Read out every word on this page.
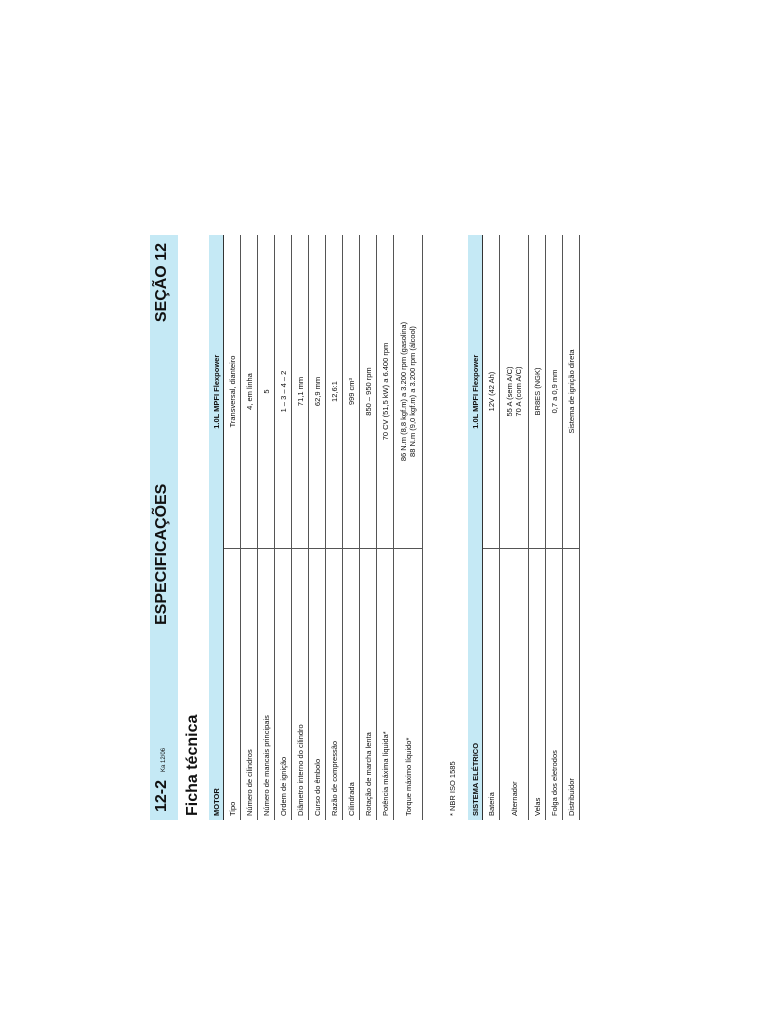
12-2
Ka 12/06
ESPECIFICAÇÕES
SEÇÃO 12
Ficha técnica MOTOR	1.0L MPFI Flexpower
Tipo	Transversal, dianteiro
Número de cilindros	4, em linha
Número de mancais principais	5
Ordem de ignição	1 – 3 – 4 – 2
Diâmetro interno do cilindro	71,1 mm
Curso do êmbolo	62,9 mm
Razão de compressão	12,6:1
Cilindrada	999 cm³
Rotação de marcha lenta	850 – 950 rpm
Potência máxima líquida*	70 CV (51,5 kW) a 6.400 rpm
Torque máximo líquido*	86 N.m (8,8 kgf.m) a 3.200 rpm (gasolina) 88 N.m (9,0 kgf.m) a 3.200 rpm (álcool)
* NBR ISO 1585 SISTEMA ELÉTRICO	1.0L MPFI Flexpower
Bateria	12V (42 Ah)
Alternador	55 A (sem A/C) 70 A (com A/C)

Velas	BR8ES (NGK)
Folga dos eletrodos	0,7 a 0,9 mm
Distribuidor	Sistema de ignição direta
